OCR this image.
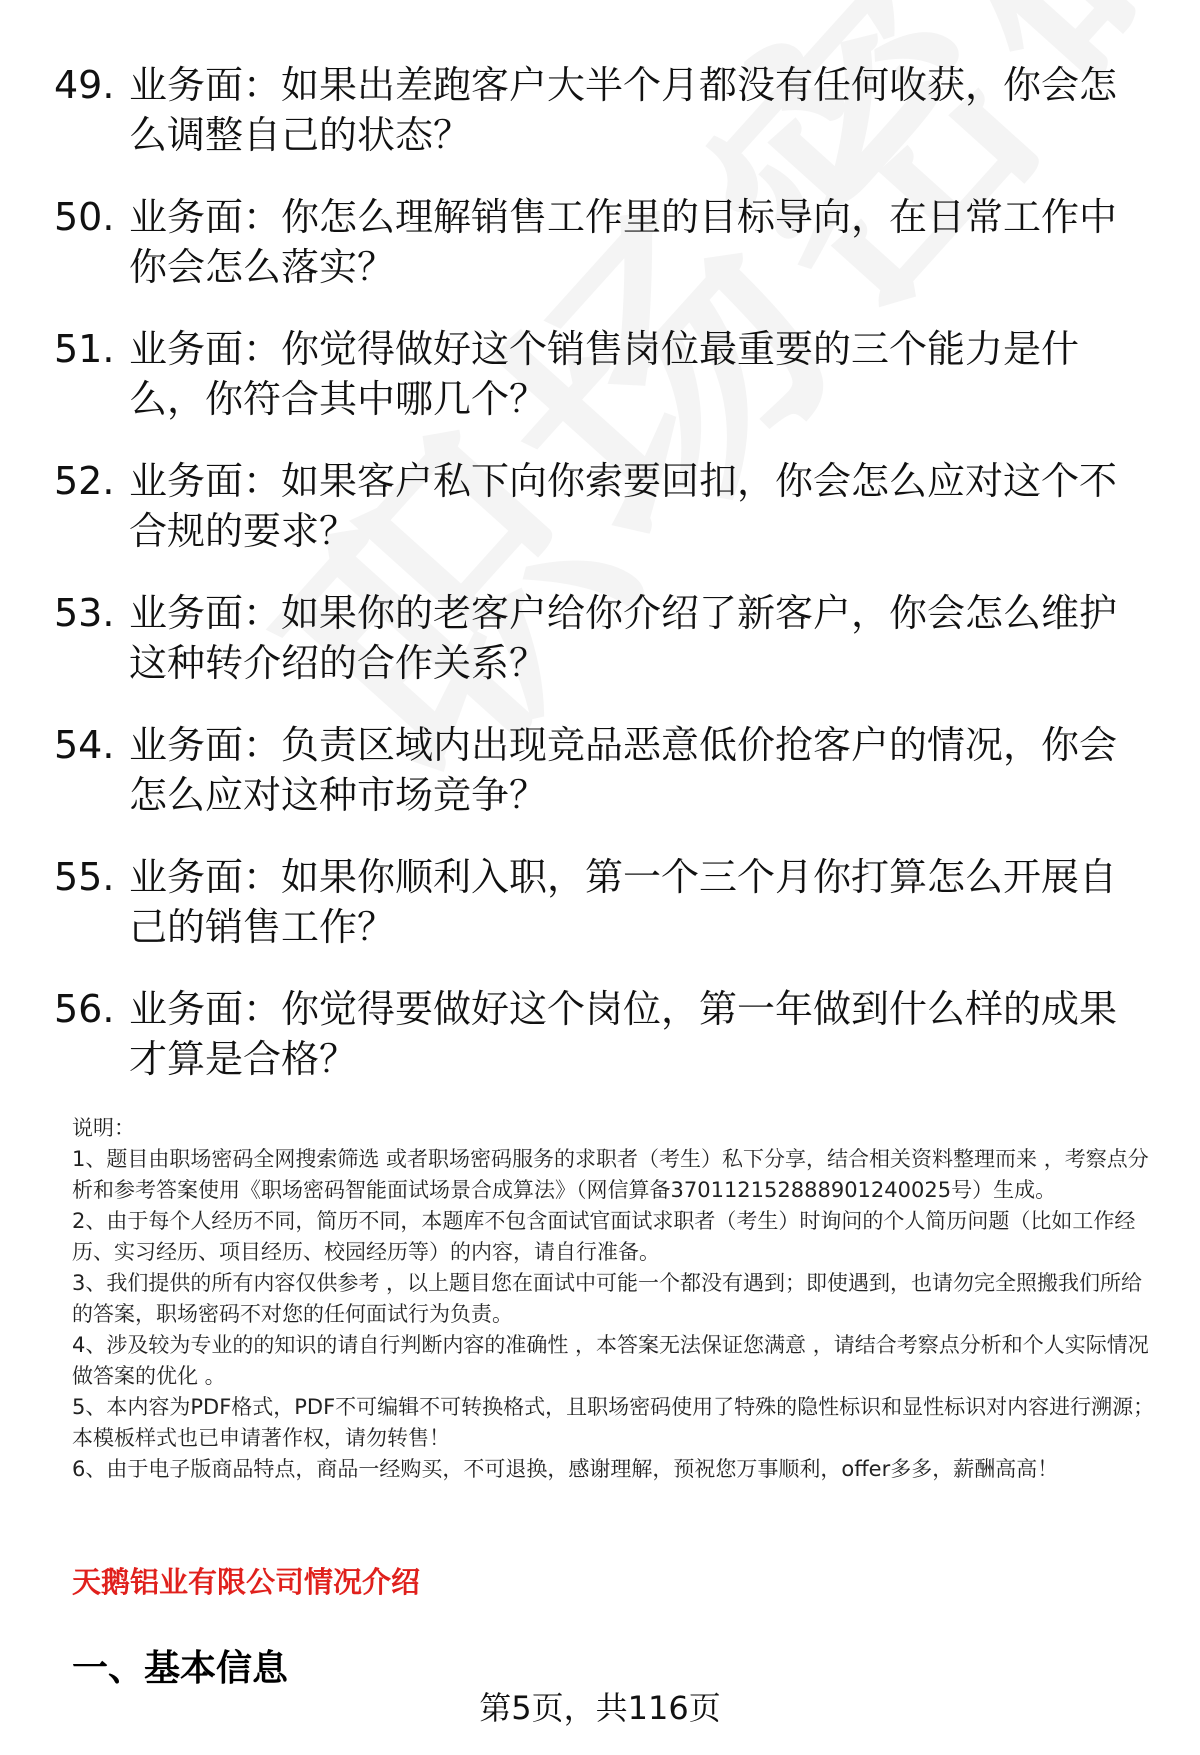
49. 业务面：如果出差跑客户大半个月都没有任何收获，你会怎么调整自己的状态？
50. 业务面：你怎么理解销售工作里的目标导向，在日常工作中你会怎么落实？
51. 业务面：你觉得做好这个销售岗位最重要的三个能力是什么，你符合其中哪几个？
52. 业务面：如果客户私下向你索要回扣，你会怎么应对这个不合规的要求？
53. 业务面：如果你的老客户给你介绍了新客户，你会怎么维护这种转介绍的合作关系？
54. 业务面：负责区域内出现竞品恶意低价抢客户的情况，你会怎么应对这种市场竞争？
55. 业务面：如果你顺利入职，第一个三个月你打算怎么开展自己的销售工作？
56. 业务面：你觉得要做好这个岗位，第一年做到什么样的成果才算是合格？

说明：

1、题目由职场密码全网搜索筛选 或者职场密码服务的求职者（考生）私下分享，结合相关资料整理而来 ，考察点分析和参考答案使用《职场密码智能面试场景合成算法》（网信算备370112152888901240025号）生成。

2、由于每个人经历不同，简历不同，本题库不包含面试官面试求职者（考生）时询问的个人简历问题（比如工作经历、实习经历、项目经历、校园经历等）的内容，请自行准备。

3、我们提供的所有内容仅供参考 ，以上题目您在面试中可能一个都没有遇到；即使遇到，也请勿完全照搬我们所给的答案，职场密码不对您的任何面试行为负责。

4、涉及较为专业的的知识的请自行判断内容的准确性 ，本答案无法保证您满意 ，请结合考察点分析和个人实际情况做答案的优化 。

5、本内容为PDF格式，PDF不可编辑不可转换格式，且职场密码使用了特殊的隐性标识和显性标识对内容进行溯源；本模板样式也已申请著作权，请勿转售！

6、由于电子版商品特点，商品一经购买，不可退换，感谢理解，预祝您万事顺利，offer多多，薪酬高高！

天鹅铝业有限公司情况介绍
一、基本信息
第5页，共116页
